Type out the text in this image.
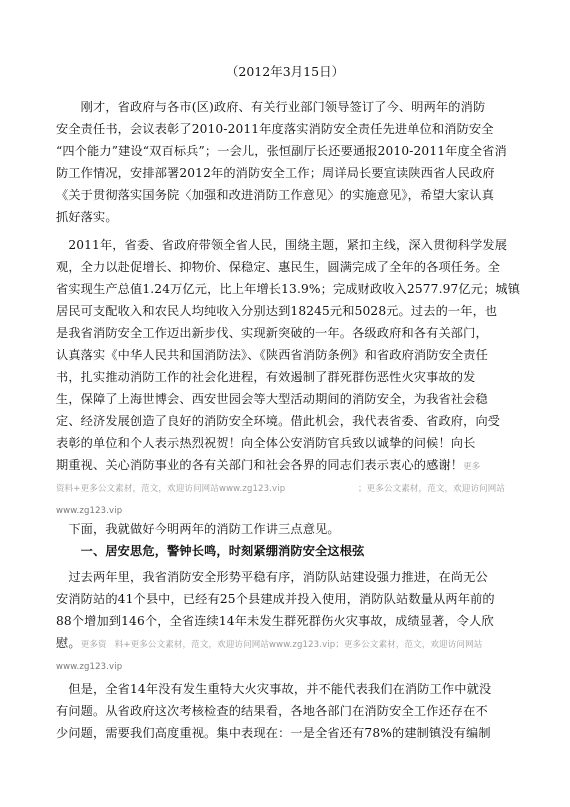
（2012年3月15日）
　　刚才，省政府与各市(区)政府、有关行业部门领导签订了今、明两年的消防
安全责任书，会议表彰了2010-2011年度落实消防安全责任先进单位和消防安全
“四个能力”建设“双百标兵”；一会儿，张恒副厅长还要通报2010-2011年度全省消
防工作情况，安排部署2012年的消防安全工作；周详局长要宣读陕西省人民政府
《关于贯彻落实国务院〈加强和改进消防工作意见〉的实施意见》，希望大家认真
抓好落实。
　2011年，省委、省政府带领全省人民，围绕主题，紧扣主线，深入贯彻科学发展
观，全力以赴促增长、抑物价、保稳定、惠民生，圆满完成了全年的各项任务。全
省实现生产总值1.24万亿元，比上年增长13.9%；完成财政收入2577.97亿元；城镇
居民可支配收入和农民人均纯收入分别达到18245元和5028元。过去的一年，也
是我省消防安全工作迈出新步伐、实现新突破的一年。各级政府和各有关部门，
认真落实《中华人民共和国消防法》、《陕西省消防条例》和省政府消防安全责任
书，扎实推动消防工作的社会化进程，有效遏制了群死群伤恶性火灾事故的发
生，保障了上海世博会、西安世园会等大型活动期间的消防安全，为我省社会稳
定、经济发展创造了良好的消防安全环境。借此机会，我代表省委、省政府，向受
表彰的单位和个人表示热烈祝贺！向全体公安消防官兵致以诚挚的问候！向长
期重视、关心消防事业的各有关部门和社会各界的同志们表示衷心的感谢！更多
资料+更多公文素材，范文，欢迎访问网站www.zg123.vip	；更多公文素材，范文，欢迎访问网站
www.zg123.vip
　下面，我就做好今明两年的消防工作讲三点意见。
　　一、居安思危，警钟长鸣，时刻紧绷消防安全这根弦
　过去两年里，我省消防安全形势平稳有序，消防队站建设强力推进，在尚无公
安消防站的41个县中，已经有25个县建成并投入使用，消防队站数量从两年前的
88个增加到146个，全省连续14年未发生群死群伤火灾事故，成绩显著，令人欣
慰。更多资 料+更多公文素材，范文，欢迎访问网站www.zg123.vip；更多公文素材，范文，欢迎访问网站
www.zg123.vip
　但是，全省14年没有发生重特大火灾事故，并不能代表我们在消防工作中就没
有问题。从省政府这次考核检查的结果看，各地各部门在消防安全工作还存在不
少问题，需要我们高度重视。集中表现在：一是全省还有78%的建制镇没有编制
